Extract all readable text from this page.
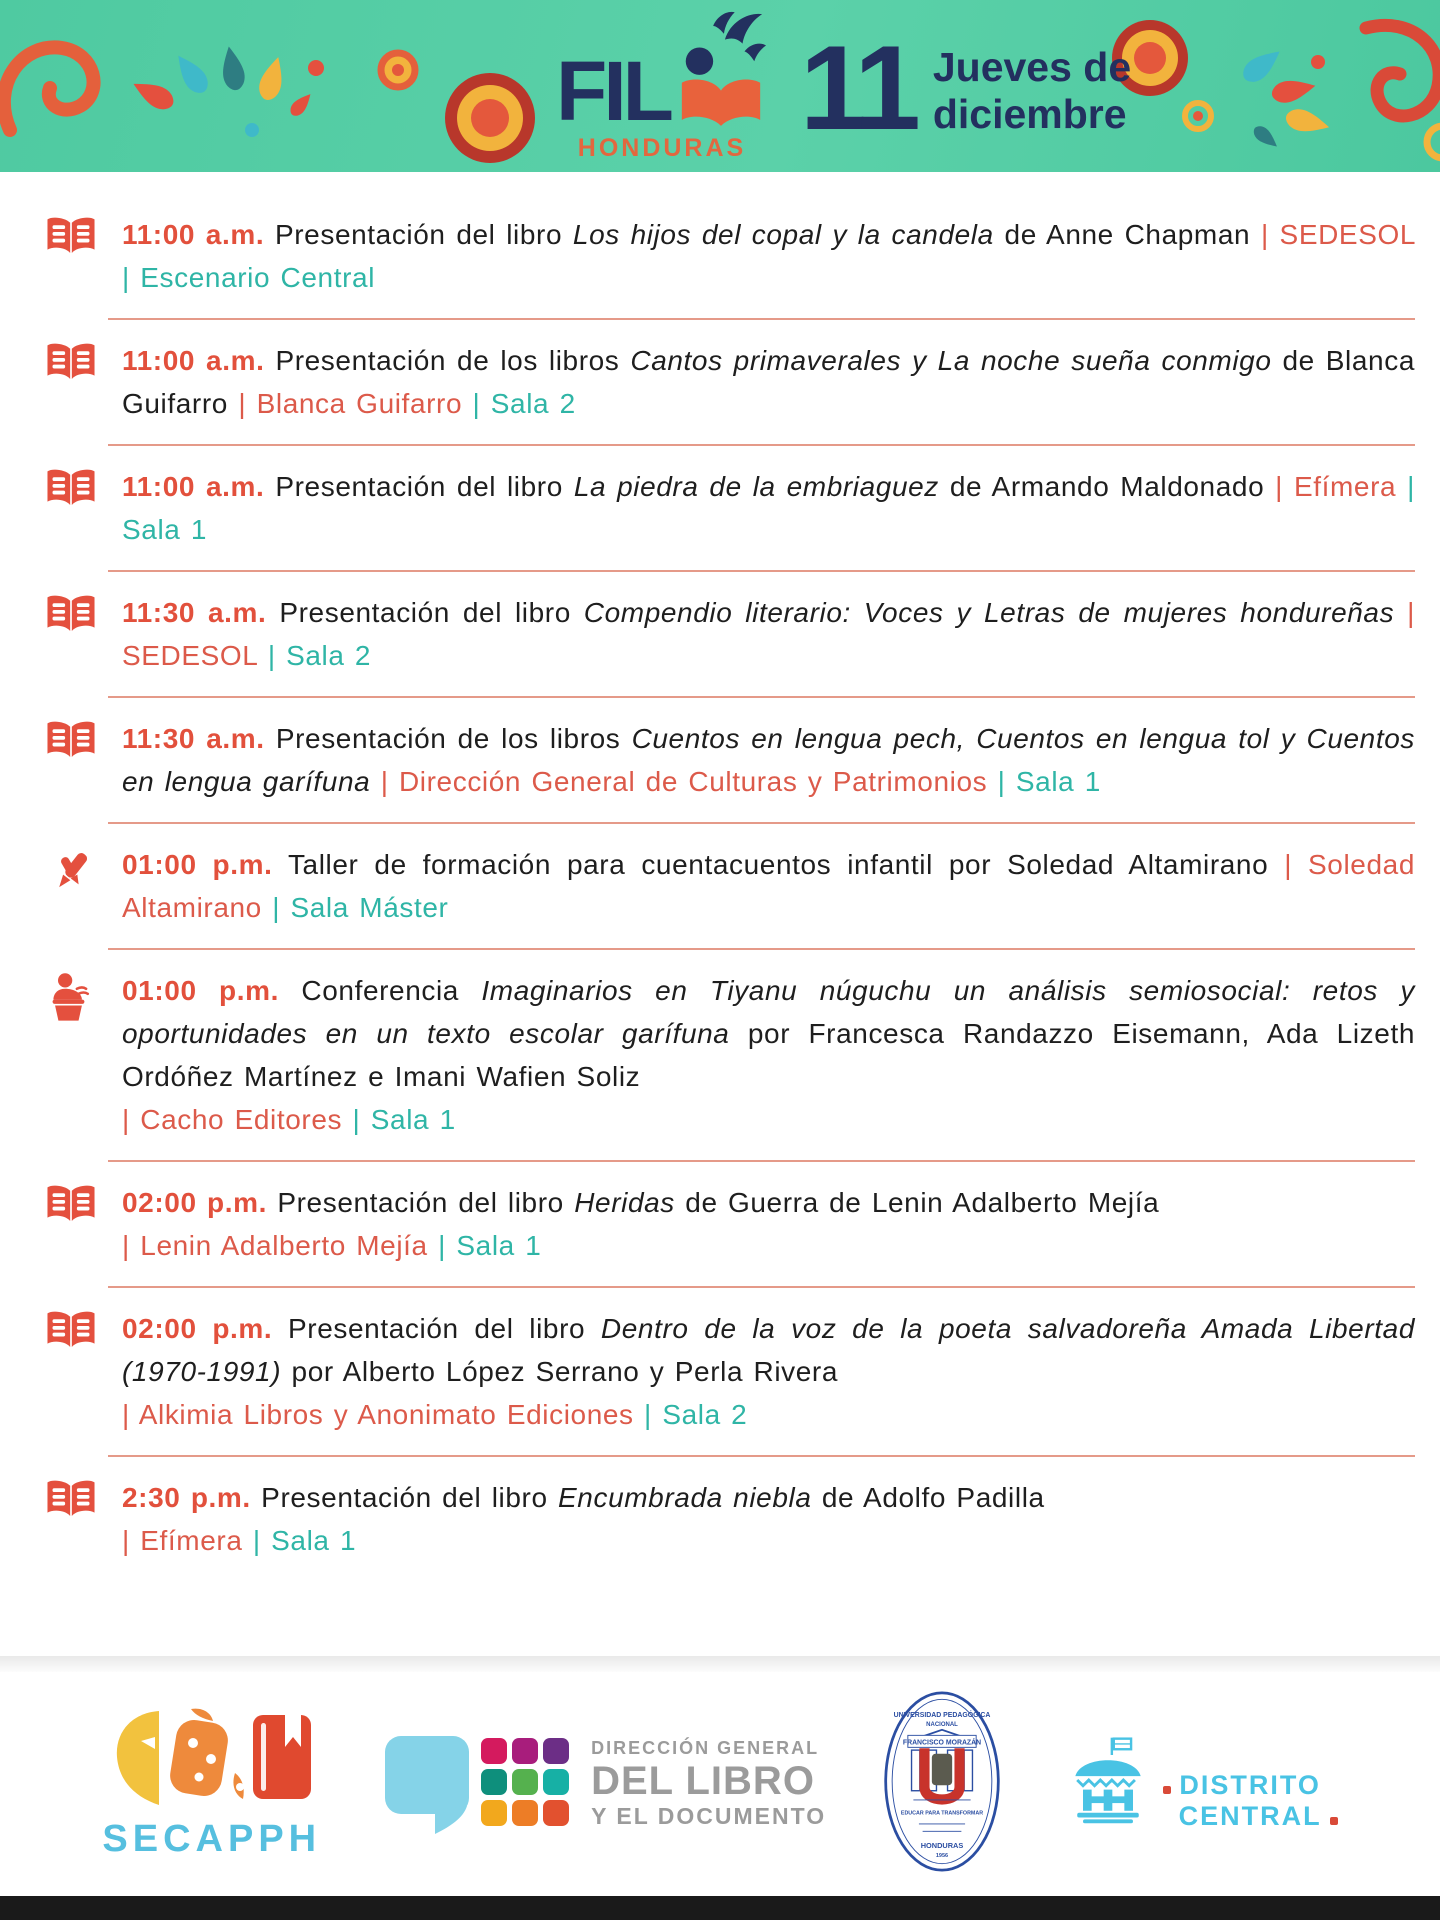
FIL
HONDURAS 11 Jueves de
diciembre

11:00 a.m. Presentación del libro Los hijos del copal y la candela de Anne Chapman | SEDESOL | Escenario Central

11:00 a.m. Presentación de los libros Cantos primaverales y La noche sueña conmigo de Blanca Guifarro | Blanca Guifarro | Sala 2

11:00 a.m. Presentación del libro La piedra de la embriaguez de Armando Maldonado | Efímera | Sala 1

11:30 a.m. Presentación del libro Compendio literario: Voces y Letras de mujeres hondureñas | SEDESOL | Sala 2

11:30 a.m. Presentación de los libros Cuentos en lengua pech, Cuentos en lengua tol y Cuentos en lengua garífuna | Dirección General de Culturas y Patrimonios | Sala 1

01:00 p.m. Taller de formación para cuentacuentos infantil por Soledad Altamirano | Soledad Altamirano | Sala Máster

01:00 p.m. Conferencia Imaginarios en Tiyanu núguchu un análisis semiosocial: retos y oportunidades en un texto escolar garífuna por Francesca Randazzo Eisemann, Ada Lizeth Ordóñez Martínez e Imani Wafien Soliz
| Cacho Editores | Sala 1

02:00 p.m. Presentación del libro Heridas de Guerra de Lenin Adalberto Mejía
| Lenin Adalberto Mejía | Sala 1

02:00 p.m. Presentación del libro Dentro de la voz de la poeta salvadoreña Amada Libertad (1970-1991) por Alberto López Serrano y Perla Rivera
| Alkimia Libros y Anonimato Ediciones | Sala 2

2:30 p.m. Presentación del libro Encumbrada niebla de Adolfo Padilla
| Efímera | Sala 1

SECAPPH
DIRECCIÓN GENERAL
DEL LIBRO
Y EL DOCUMENTO
UNIVERSIDAD PEDAGÓGICA
NACIONAL
FRANCISCO MORAZÁN
EDUCAR PARA TRANSFORMAR
HONDURAS
1956

DISTRITO
CENTRAL
